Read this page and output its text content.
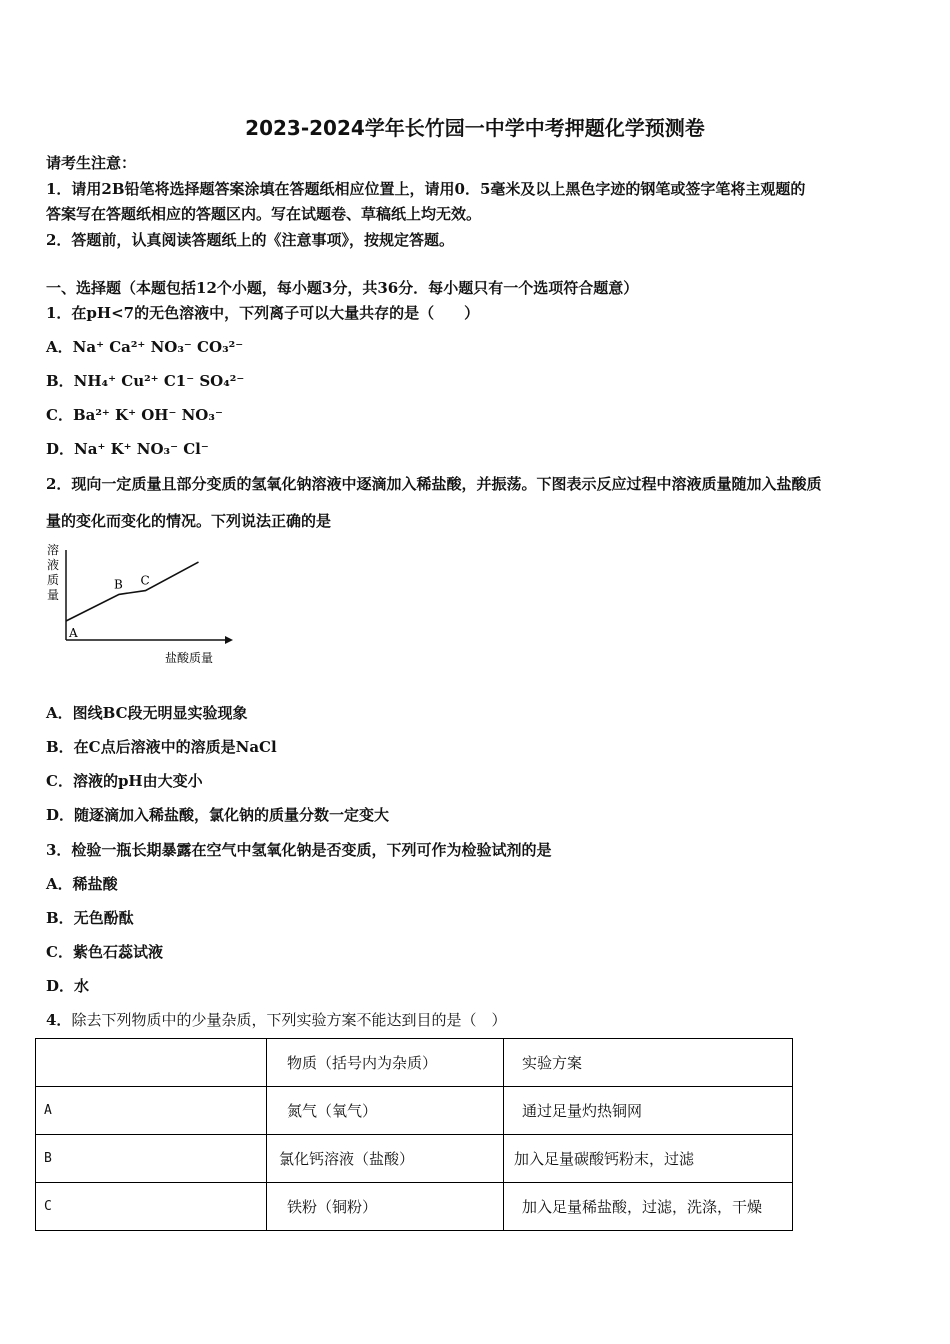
2023-2024学年长竹园一中学中考押题化学预测卷
请考生注意：
1．请用2B铅笔将选择题答案涂填在答题纸相应位置上，请用0．5毫米及以上黑色字迹的钢笔或签字笔将主观题的
答案写在答题纸相应的答题区内。写在试题卷、草稿纸上均无效。
2．答题前，认真阅读答题纸上的《注意事项》，按规定答题。
一、选择题（本题包括12个小题，每小题3分，共36分．每小题只有一个选项符合题意）
1．在pH<7的无色溶液中，下列离子可以大量共存的是（　　）
A．Na⁺ Ca²⁺ NO₃⁻ CO₃²⁻
B．NH₄⁺ Cu²⁺ C1⁻ SO₄²⁻
C．Ba²⁺ K⁺ OH⁻ NO₃⁻
D．Na⁺ K⁺ NO₃⁻ Cl⁻
2．现向一定质量且部分变质的氢氧化钠溶液中逐滴加入稀盐酸，并振荡。下图表示反应过程中溶液质量随加入盐酸质
量的变化而变化的情况。下列说法正确的是
溶
液
质
量
盐酸质量
A
B C
A．图线BC段无明显实验现象
B．在C点后溶液中的溶质是NaCl
C．溶液的pH由大变小
D．随逐滴加入稀盐酸，氯化钠的质量分数一定变大
3．检验一瓶长期暴露在空气中氢氧化钠是否变质，下列可作为检验试剂的是
A．稀盐酸
B．无色酚酞
C．紫色石蕊试液
D．水
4．除去下列物质中的少量杂质，下列实验方案不能达到目的是（　）
	物质（括号内为杂质）	实验方案
A	氮气（氧气）	通过足量灼热铜网
B	氯化钙溶液（盐酸）	加入足量碳酸钙粉末，过滤
C	铁粉（铜粉）	加入足量稀盐酸，过滤，洗涤，干燥
